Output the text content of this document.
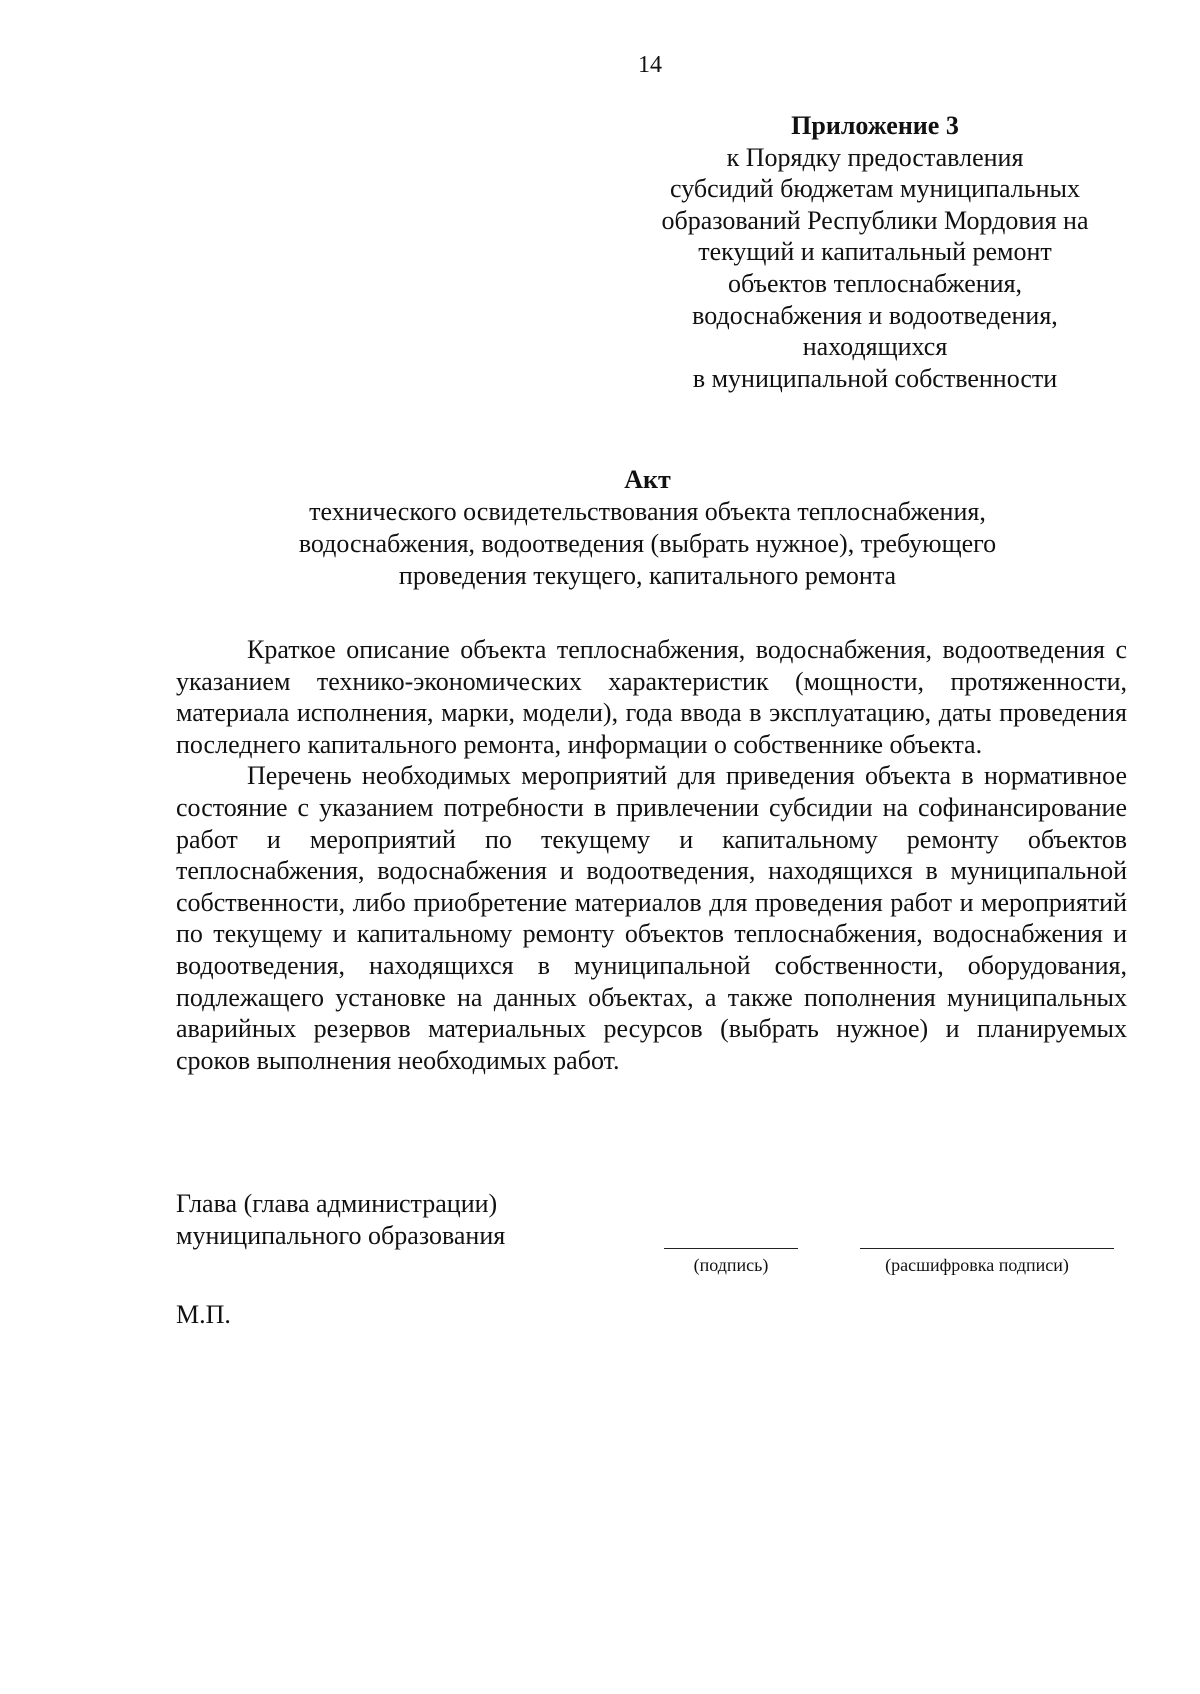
14
Приложение 3
к Порядку предоставления
субсидий бюджетам муниципальных
образований Республики Мордовия на
текущий и капитальный ремонт
объектов теплоснабжения,
водоснабжения и водоотведения,
находящихся
в муниципальной собственности
Акт
технического освидетельствования объекта теплоснабжения,
водоснабжения, водоотведения (выбрать нужное), требующего
проведения текущего, капитального ремонта

Краткое описание объекта теплоснабжения, водоснабжения, водоотведения с указанием технико-экономических характеристик (мощности, протяженности, материала исполнения, марки, модели), года ввода в эксплуатацию, даты проведения последнего капитального ремонта, информации о собственнике объекта.

Перечень необходимых мероприятий для приведения объекта в нормативное состояние с указанием потребности в привлечении субсидии на софинансирование работ и мероприятий по текущему и капитальному ремонту объектов теплоснабжения, водоснабжения и водоотведения, находящихся в муниципальной собственности, либо приобретение материалов для проведения работ и мероприятий по текущему и капитальному ремонту объектов теплоснабжения, водоснабжения и водоотведения, находящихся в муниципальной собственности, оборудования, подлежащего установке на данных объектах, а также пополнения муниципальных аварийных резервов материальных ресурсов (выбрать нужное) и планируемых сроков выполнения необходимых работ.

Глава (глава администрации)
муниципального образования
(подпись)	(расшифровка подписи)
М.П.
